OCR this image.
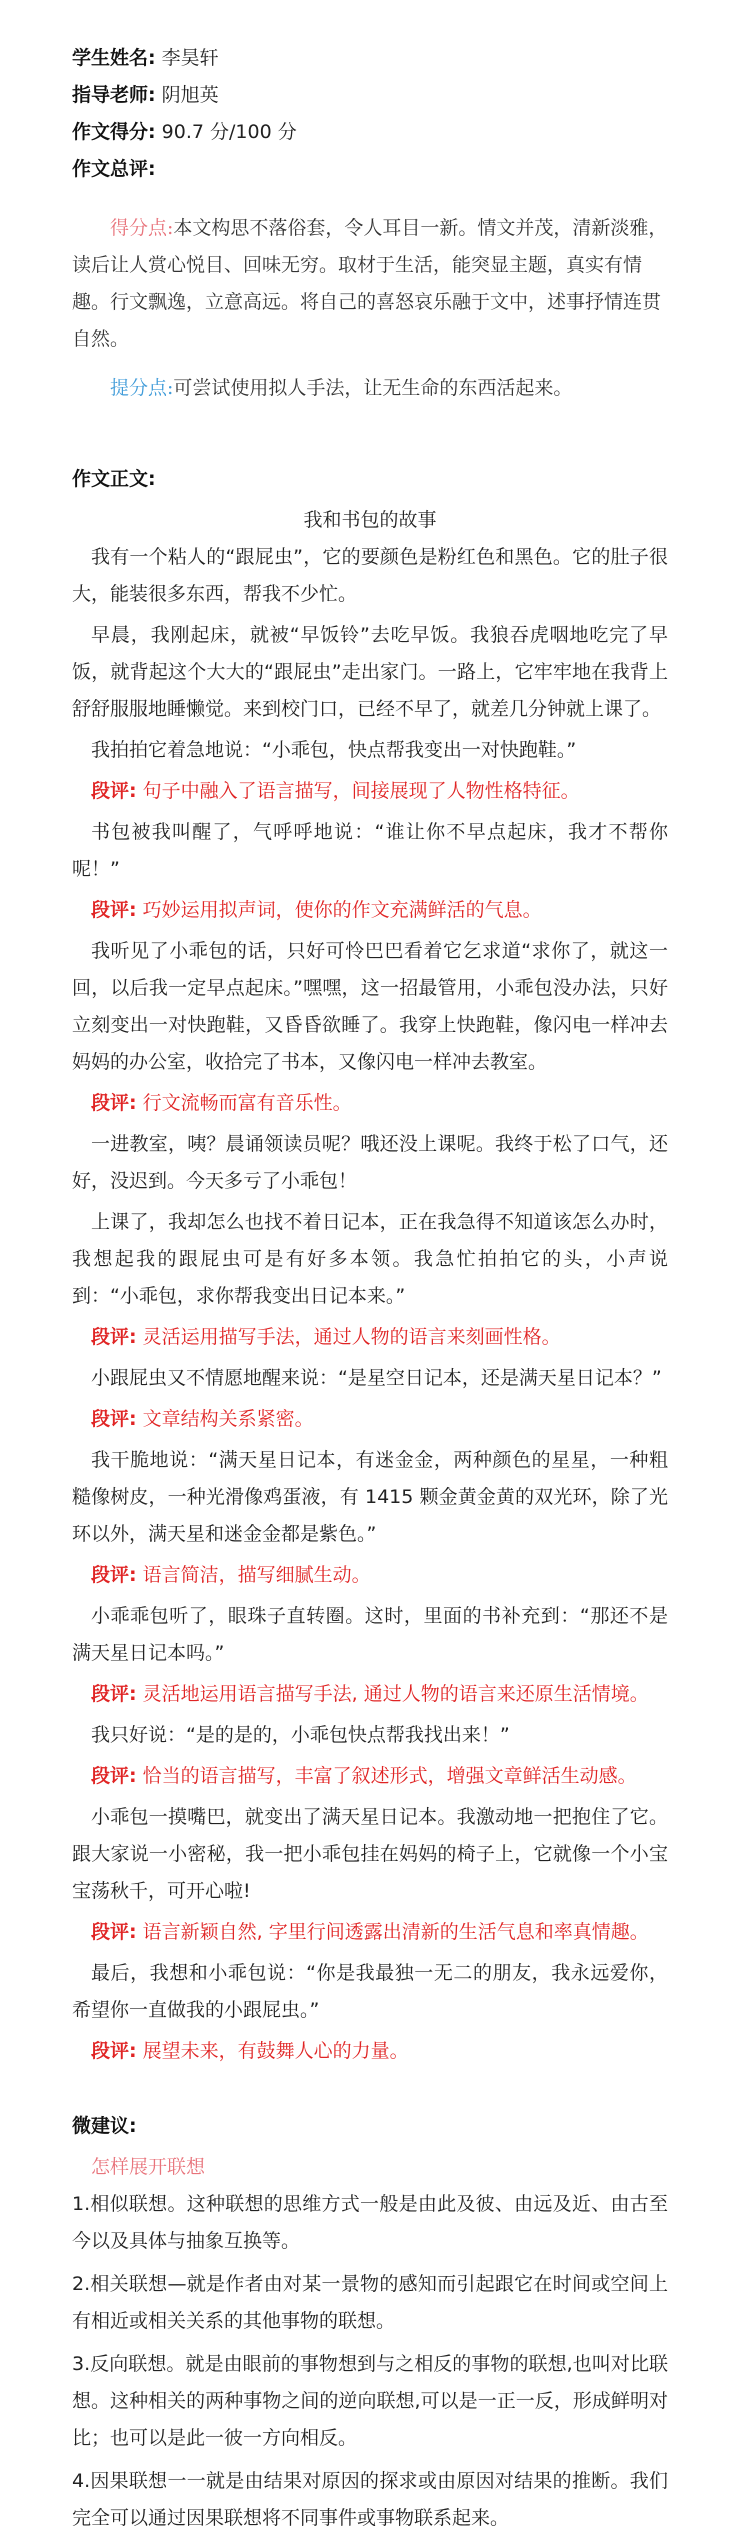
学生姓名: 李昊轩
指导老师: 阴旭英
作文得分: 90.7 分/100 分
作文总评:

得分点:本文构思不落俗套，令人耳目一新。情文并茂，清新淡雅，读后让人赏心悦目、回味无穷。取材于生活，能突显主题，真实有情趣。行文飘逸，立意高远。将自己的喜怒哀乐融于文中，述事抒情连贯自然。

提分点:可尝试使用拟人手法，让无生命的东西活起来。

作文正文:
我和书包的故事

我有一个粘人的“跟屁虫”，它的要颜色是粉红色和黑色。它的肚子很大，能装很多东西，帮我不少忙。

早晨，我刚起床，就被“早饭铃”去吃早饭。我狼吞虎咽地吃完了早饭，就背起这个大大的“跟屁虫”走出家门。一路上，它牢牢地在我背上舒舒服服地睡懒觉。来到校门口，已经不早了，就差几分钟就上课了。

我拍拍它着急地说：“小乖包，快点帮我变出一对快跑鞋。”

段评: 句子中融入了语言描写，间接展现了人物性格特征。

书包被我叫醒了，气呼呼地说：“谁让你不早点起床，我才不帮你呢！”

段评: 巧妙运用拟声词，使你的作文充满鲜活的气息。

我听见了小乖包的话，只好可怜巴巴看着它乞求道“求你了，就这一回，以后我一定早点起床。”嘿嘿，这一招最管用，小乖包没办法，只好立刻变出一对快跑鞋，又昏昏欲睡了。我穿上快跑鞋，像闪电一样冲去妈妈的办公室，收拾完了书本，又像闪电一样冲去教室。

段评: 行文流畅而富有音乐性。

一进教室，咦？晨诵领读员呢？哦还没上课呢。我终于松了口气，还好，没迟到。今天多亏了小乖包！

上课了，我却怎么也找不着日记本，正在我急得不知道该怎么办时，我想起我的跟屁虫可是有好多本领。我急忙拍拍它的头，小声说到：“小乖包，求你帮我变出日记本来。”

段评: 灵活运用描写手法，通过人物的语言来刻画性格。

小跟屁虫又不情愿地醒来说：“是星空日记本，还是满天星日记本？”

段评: 文章结构关系紧密。

我干脆地说：“满天星日记本，有迷金金，两种颜色的星星，一种粗糙像树皮，一种光滑像鸡蛋液，有 1415 颗金黄金黄的双光环，除了光环以外，满天星和迷金金都是紫色。”

段评: 语言简洁，描写细腻生动。

小乖乖包听了，眼珠子直转圈。这时，里面的书补充到：“那还不是满天星日记本吗。”

段评: 灵活地运用语言描写手法, 通过人物的语言来还原生活情境。

我只好说：“是的是的，小乖包快点帮我找出来！”

段评: 恰当的语言描写，丰富了叙述形式，增强文章鲜活生动感。

小乖包一摸嘴巴，就变出了满天星日记本。我激动地一把抱住了它。跟大家说一小密秘，我一把小乖包挂在妈妈的椅子上，它就像一个小宝宝荡秋千，可开心啦!

段评: 语言新颖自然, 字里行间透露出清新的生活气息和率真情趣。

最后，我想和小乖包说：“你是我最独一无二的朋友，我永远爱你，希望你一直做我的小跟屁虫。”

段评: 展望未来，有鼓舞人心的力量。

微建议:
怎样展开联想

1.相似联想。这种联想的思维方式一般是由此及彼、由远及近、由古至今以及具体与抽象互换等。

2.相关联想—就是作者由对某一景物的感知而引起跟它在时间或空间上有相近或相关关系的其他事物的联想。

3.反向联想。就是由眼前的事物想到与之相反的事物的联想,也叫对比联想。这种相关的两种事物之间的逆向联想,可以是一正一反，形成鲜明对比；也可以是此一彼一方向相反。

4.因果联想一一就是由结果对原因的探求或由原因对结果的推断。我们完全可以通过因果联想将不同事件或事物联系起来。
